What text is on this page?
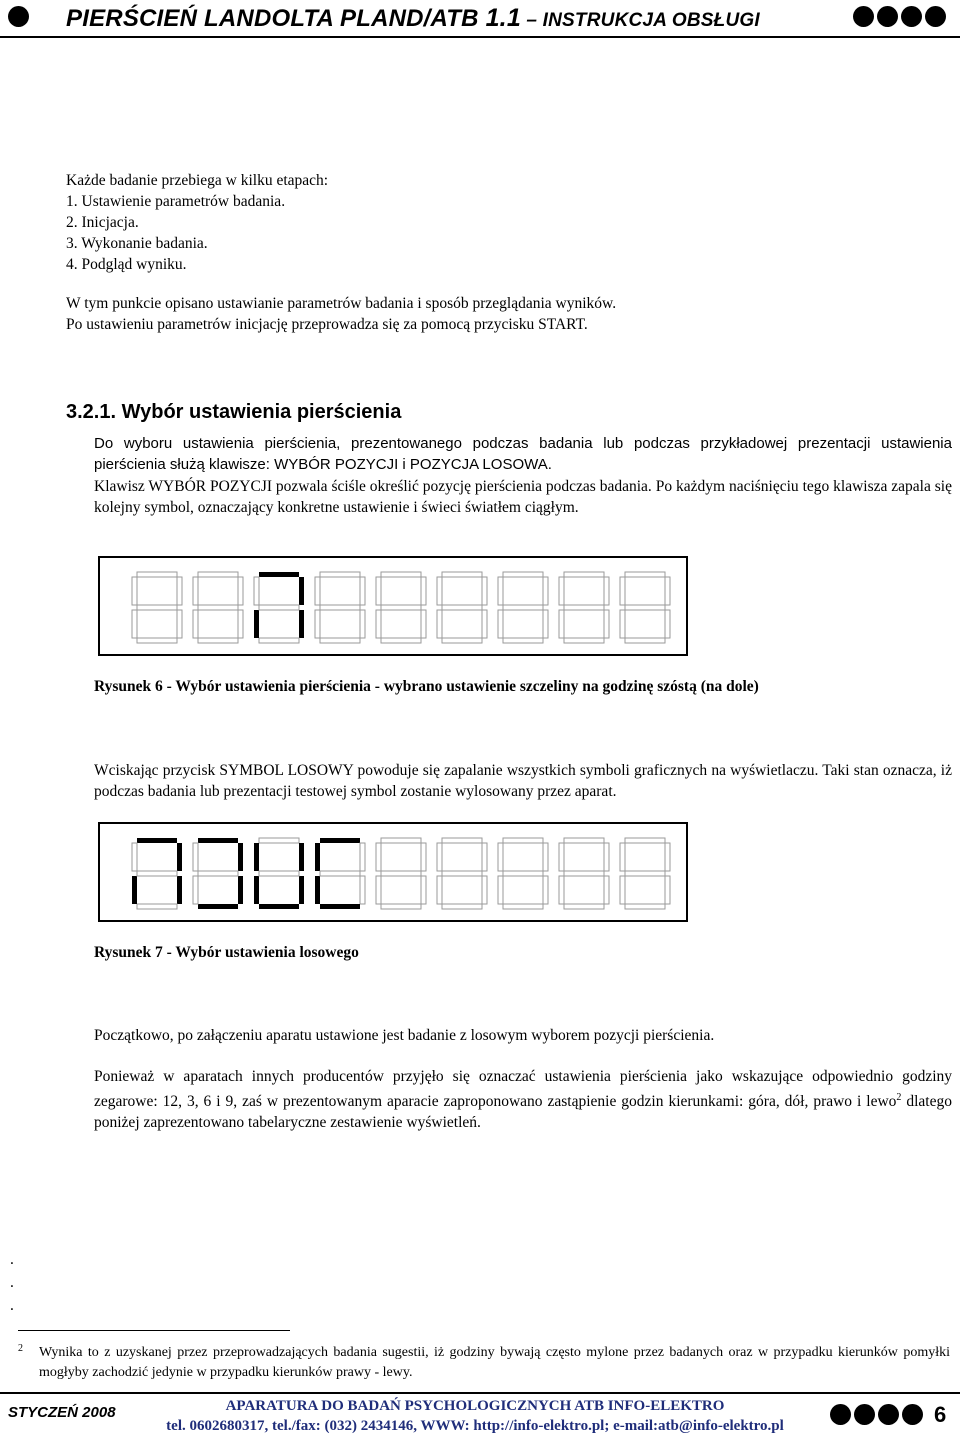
PIERŚCIEŃ LANDOLTA PLAND/ATB 1.1 – INSTRUKCJA OBSŁUGI
Każde badanie przebiega w kilku etapach:
1. Ustawienie parametrów badania.
2. Inicjacja.
3. Wykonanie badania.
4. Podgląd wyniku.
W tym punkcie opisano ustawianie parametrów badania i sposób przeglądania wyników.
Po ustawieniu parametrów inicjację przeprowadza się za pomocą przycisku START.
3.2.1. Wybór ustawienia pierścienia
Do wyboru ustawienia pierścienia, prezentowanego podczas badania lub podczas przykładowej prezentacji ustawienia pierścienia służą klawisze: WYBÓR POZYCJI i POZYCJA LOSOWA.
Klawisz WYBÓR POZYCJI pozwala ściśle określić pozycję pierścienia podczas badania. Po każdym naciśnięciu tego klawisza zapala się kolejny symbol, oznaczający konkretne ustawienie i świeci światłem ciągłym.
Rysunek 6 - Wybór ustawienia pierścienia - wybrano ustawienie szczeliny na godzinę szóstą (na dole)
Wciskając przycisk SYMBOL LOSOWY powoduje się zapalanie wszystkich symboli graficznych na wyświetlaczu. Taki stan oznacza, iż podczas badania lub prezentacji testowej symbol zostanie wylosowany przez aparat.
Rysunek 7 - Wybór ustawienia losowego
Początkowo, po załączeniu aparatu ustawione jest badanie z losowym wyborem pozycji pierścienia.
Ponieważ w aparatach innych producentów przyjęło się oznaczać ustawienia pierścienia jako wskazujące odpowiednio godziny zegarowe: 12, 3, 6 i 9, zaś w prezentowanym aparacie zaproponowano zastąpienie godzin kierunkami: góra, dół, prawo i lewo$^2$ dlatego poniżej zaprezentowano tabelaryczne zestawienie wyświetleń.
.
.
.
2 Wynika to z uzyskanej przez przeprowadzających badania sugestii, iż godziny bywają często mylone przez badanych oraz w przypadku kierunków pomyłki mogłyby zachodzić jedynie w przypadku kierunków prawy - lewy.
STYCZEŃ 2008	APARATURA DO BADAŃ PSYCHOLOGICZNYCH ATB INFO-ELEKTRO
tel. 0602680317, tel./fax: (032) 2434146, WWW: http://info-elektro.pl; e-mail:atb@info-elektro.pl	6
